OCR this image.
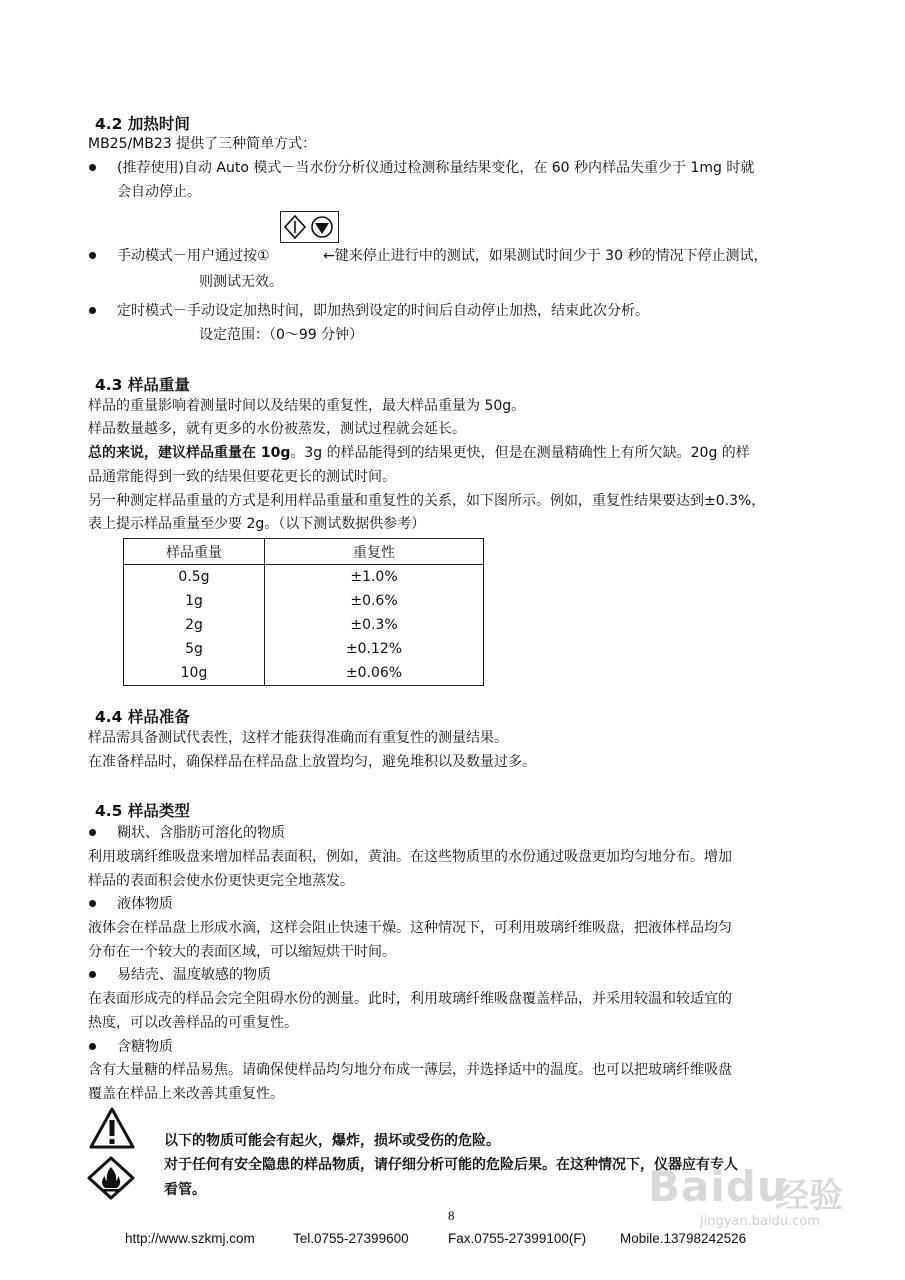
4.2 加热时间
MB25/MB23 提供了三种简单方式：
(推荐使用)自动 Auto 模式－当水份分析仪通过检测称量结果变化，在 60 秒内样品失重少于 1mg 时就
会自动停止。
手动模式－用户通过按①	←键来停止进行中的测试，如果测试时间少于 30 秒的情况下停止测试，
则测试无效。
定时模式－手动设定加热时间，即加热到设定的时间后自动停止加热，结束此次分析。
设定范围：（0～99 分钟）
4.3 样品重量
样品的重量影响着测量时间以及结果的重复性，最大样品重量为 50g。
样品数量越多，就有更多的水份被蒸发，测试过程就会延长。
总的来说，建议样品重量在 10g。3g 的样品能得到的结果更快，但是在测量精确性上有所欠缺。20g 的样
品通常能得到一致的结果但要花更长的测试时间。
另一种测定样品重量的方式是利用样品重量和重复性的关系，如下图所示。例如，重复性结果要达到±0.3%，
表上提示样品重量至少要 2g。（以下测试数据供参考）
样品重量	重复性
0.5g	±1.0%
1g	±0.6%
2g	±0.3%
5g	±0.12%
10g	±0.06%
4.4 样品准备
样品需具备测试代表性，这样才能获得准确而有重复性的测量结果。
在准备样品时，确保样品在样品盘上放置均匀，避免堆积以及数量过多。
4.5 样品类型
糊状、含脂肪可溶化的物质
利用玻璃纤维吸盘来增加样品表面积，例如，黄油。在这些物质里的水份通过吸盘更加均匀地分布。增加
样品的表面积会使水份更快更完全地蒸发。
液体物质
液体会在样品盘上形成水滴，这样会阻止快速干燥。这种情况下，可利用玻璃纤维吸盘，把液体样品均匀
分布在一个较大的表面区域，可以缩短烘干时间。
易结壳、温度敏感的物质
在表面形成壳的样品会完全阻碍水份的测量。此时，利用玻璃纤维吸盘覆盖样品，并采用较温和较适宜的
热度，可以改善样品的可重复性。
含糖物质
含有大量糖的样品易焦。请确保使样品均匀地分布成一薄层，并选择适中的温度。也可以把玻璃纤维吸盘
覆盖在样品上来改善其重复性。
以下的物质可能会有起火，爆炸，损坏或受伤的危险。
对于任何有安全隐患的样品物质，请仔细分析可能的危险后果。在这种情况下，仪器应有专人
看管。	Baidu
经验
jingyan.baidu.com
8
http://www.szkmj.com	Tel.0755-27399600	Fax.0755-27399100(F)	Mobile.13798242526
